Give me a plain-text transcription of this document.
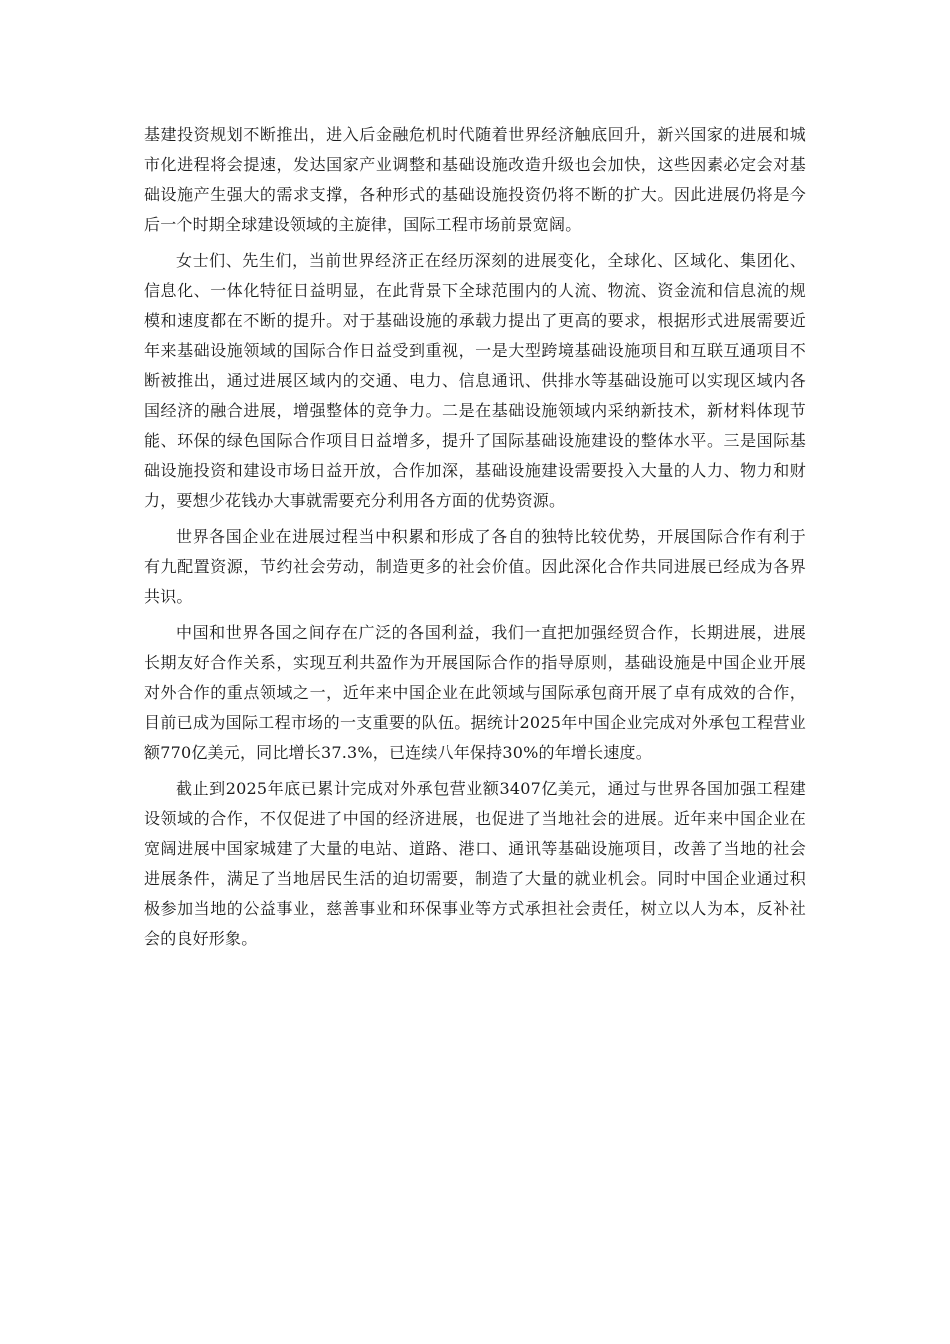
基建投资规划不断推出，进入后金融危机时代随着世界经济触底回升，新兴国家的进展和城市化进程将会提速，发达国家产业调整和基础设施改造升级也会加快，这些因素必定会对基础设施产生强大的需求支撑，各种形式的基础设施投资仍将不断的扩大。因此进展仍将是今后一个时期全球建设领域的主旋律，国际工程市场前景宽阔。

女士们、先生们，当前世界经济正在经历深刻的进展变化，全球化、区域化、集团化、信息化、一体化特征日益明显，在此背景下全球范围内的人流、物流、资金流和信息流的规模和速度都在不断的提升。对于基础设施的承载力提出了更高的要求，根据形式进展需要近年来基础设施领域的国际合作日益受到重视，一是大型跨境基础设施项目和互联互通项目不断被推出，通过进展区域内的交通、电力、信息通讯、供排水等基础设施可以实现区域内各国经济的融合进展，增强整体的竞争力。二是在基础设施领域内采纳新技术，新材料体现节能、环保的绿色国际合作项目日益增多，提升了国际基础设施建设的整体水平。三是国际基础设施投资和建设市场日益开放，合作加深，基础设施建设需要投入大量的人力、物力和财力，要想少花钱办大事就需要充分利用各方面的优势资源。

世界各国企业在进展过程当中积累和形成了各自的独特比较优势，开展国际合作有利于有九配置资源，节约社会劳动，制造更多的社会价值。因此深化合作共同进展已经成为各界共识。

中国和世界各国之间存在广泛的各国利益，我们一直把加强经贸合作，长期进展，进展长期友好合作关系，实现互利共盈作为开展国际合作的指导原则，基础设施是中国企业开展对外合作的重点领域之一，近年来中国企业在此领域与国际承包商开展了卓有成效的合作，目前已成为国际工程市场的一支重要的队伍。据统计2025年中国企业完成对外承包工程营业额770亿美元，同比增长37.3%，已连续八年保持30%的年增长速度。

截止到2025年底已累计完成对外承包营业额3407亿美元，通过与世界各国加强工程建设领域的合作，不仅促进了中国的经济进展，也促进了当地社会的进展。近年来中国企业在宽阔进展中国家城建了大量的电站、道路、港口、通讯等基础设施项目，改善了当地的社会进展条件，满足了当地居民生活的迫切需要，制造了大量的就业机会。同时中国企业通过积极参加当地的公益事业，慈善事业和环保事业等方式承担社会责任，树立以人为本，反补社会的良好形象。
